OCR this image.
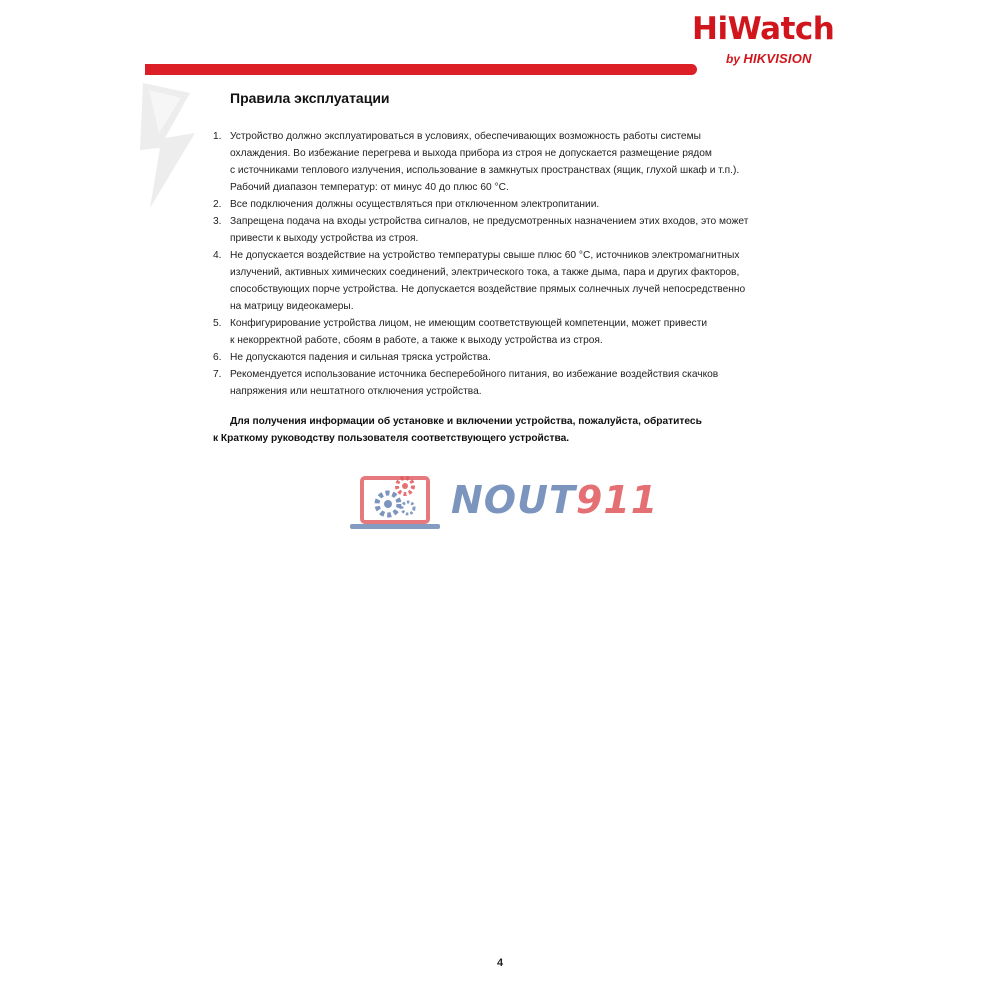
HiWatch
by HIKVISION
Правила эксплуатации
1. Устройство должно эксплуатироваться в условиях, обеспечивающих возможность работы системы
охлаждения. Во избежание перегрева и выхода прибора из строя не допускается размещение рядом
с источниками теплового излучения, использование в замкнутых пространствах (ящик, глухой шкаф и т.п.).
Рабочий диапазон температур: от минус 40 до плюс 60 °С.
2. Все подключения должны осуществляться при отключенном электропитании.
3. Запрещена подача на входы устройства сигналов, не предусмотренных назначением этих входов, это может
привести к выходу устройства из строя.
4. Не допускается воздействие на устройство температуры свыше плюс 60 °С, источников электромагнитных
излучений, активных химических соединений, электрического тока, а также дыма, пара и других факторов,
способствующих порче устройства. Не допускается воздействие прямых солнечных лучей непосредственно
на матрицу видеокамеры.
5. Конфигурирование устройства лицом, не имеющим соответствующей компетенции, может привести
к некорректной работе, сбоям в работе, а также к выходу устройства из строя.
6. Не допускаются падения и сильная тряска устройства.
7. Рекомендуется использование источника бесперебойного питания, во избежание воздействия скачков
напряжения или нештатного отключения устройства.
Для получения информации об установке и включении устройства, пожалуйста, обратитесь
к Краткому руководству пользователя соответствующего устройства.
NOUT911
4
